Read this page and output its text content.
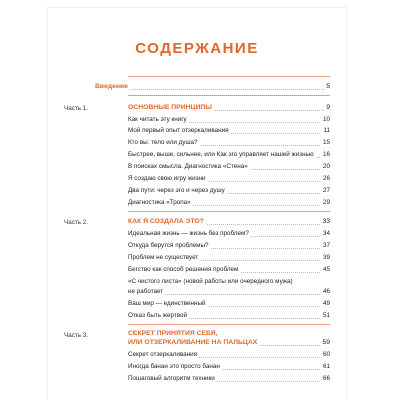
СОДЕРЖАНИЕ
Введение	5
Часть 1.	ОСНОВНЫЕ ПРИНЦИПЫ	9
Как читать эту книгу	10
Мой первый опыт отзеркаливания	11
Кто вы: тело или душа?	15
Быстрее, выше, сильнее, или Как эго управляет нашей жизнью	16
В поисках смысла. Диагностика «Стена»	20
Я создаю свою игру жизни	26
Два пути: через эго и через душу	27
Диагностика «Тропа»	29
Часть 2.	КАК Я СОЗДАЛА ЭТО?	33
Идеальная жизнь — жизнь без проблем?	34
Откуда берутся проблемы?	37
Проблем не существует	39
Бегство как способ решения проблем	45
«С чистого листа» (новой работы или очередного мужа)
не работает	46
Ваш мир — единственный	49
Отказ быть жертвой	51
Часть 3.	СЕКРЕТ ПРИНЯТИЯ СЕБЯ,
ИЛИ ОТЗЕРКАЛИВАНИЕ НА ПАЛЬЦАХ	59
Секрет отзеркаливания	60
Иногда банан это просто банан	61
Пошаговый алгоритм техники	66
